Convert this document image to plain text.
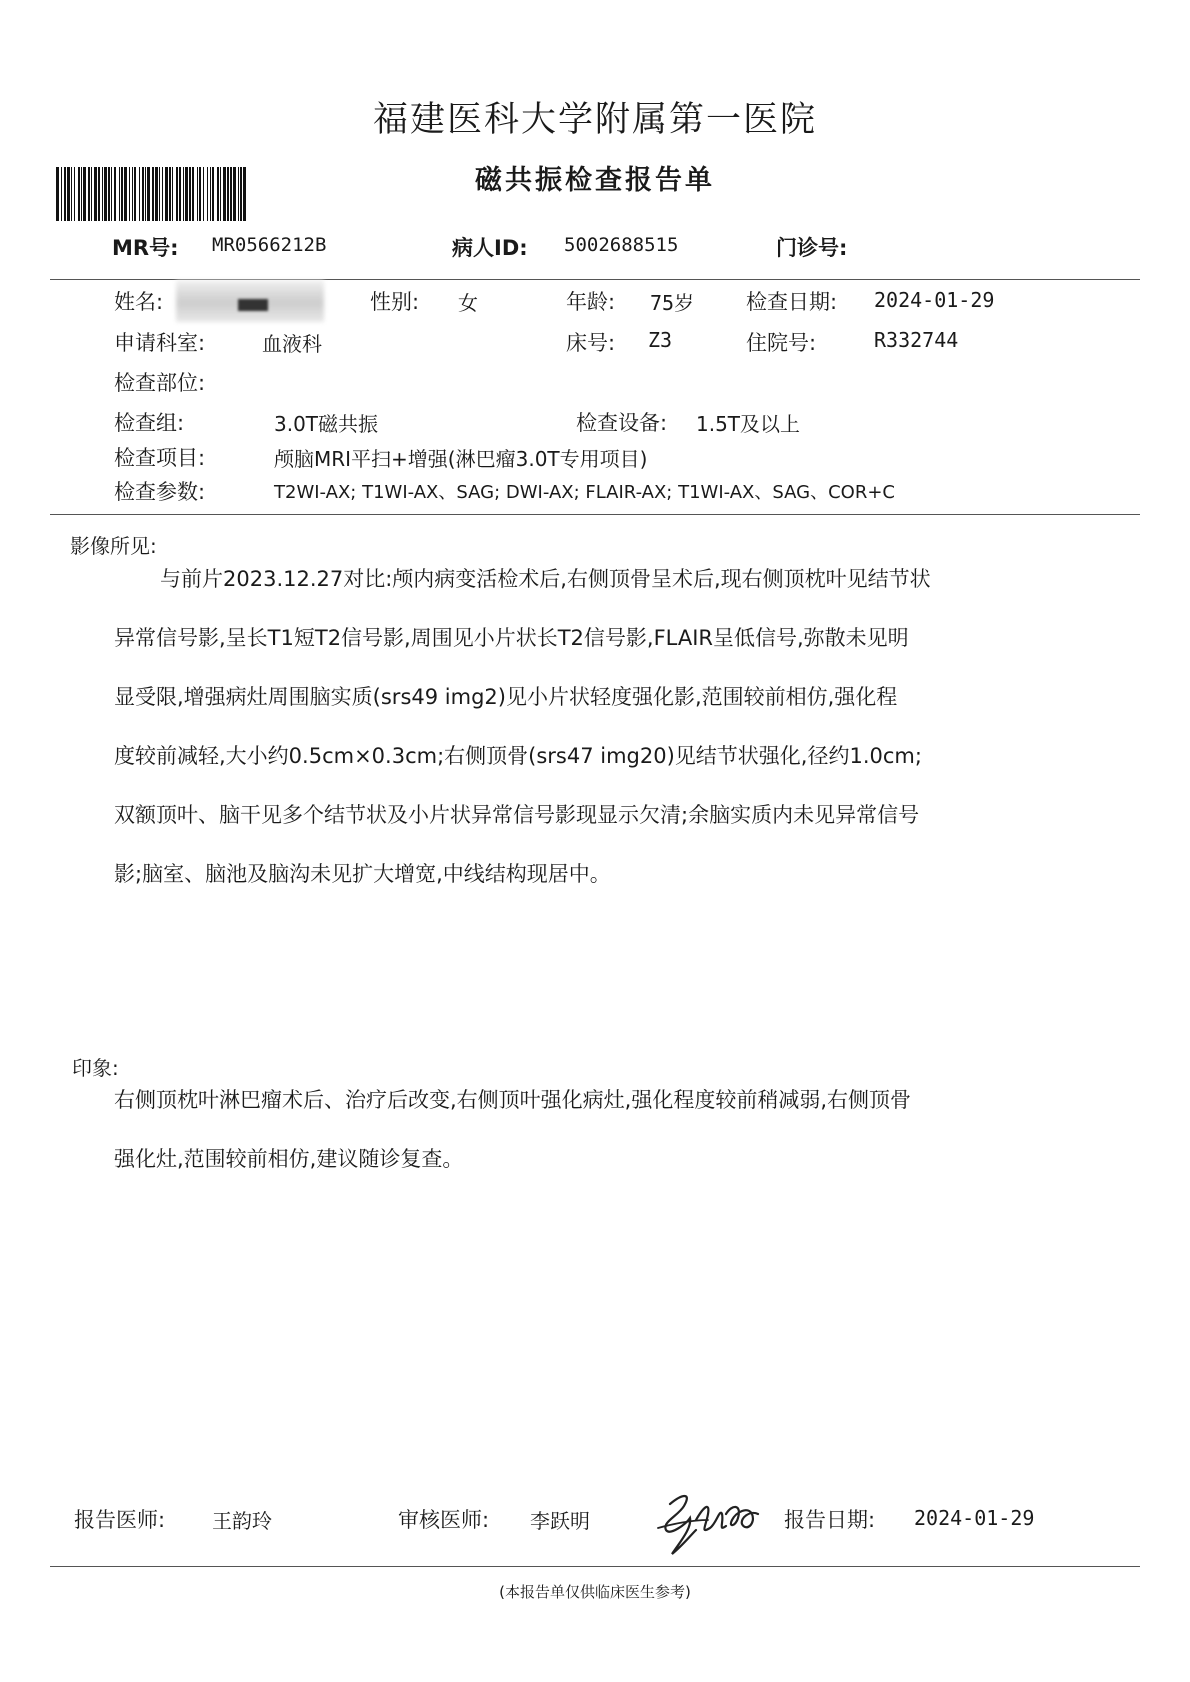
福建医科大学附属第一医院
磁共振检查报告单
MR号: MR0566212B	病人ID: 5002688515	门诊号:
姓名:	性别: 女	年龄: 75岁 检查日期: 2024-01-29
申请科室:	血液科	床号: Z3	住院号:	R332744
检查部位:
检查组:	3.0T磁共振	检查设备: 1.5T及以上
检查项目:	颅脑MRI平扫+增强(淋巴瘤3.0T专用项目)
检查参数:	T2WI-AX; T1WI-AX、SAG; DWI-AX; FLAIR-AX; T1WI-AX、SAG、COR+C
影像所见:
与前片2023.12.27对比:颅内病变活检术后,右侧顶骨呈术后,现右侧顶枕叶见结节状
异常信号影,呈长T1短T2信号影,周围见小片状长T2信号影,FLAIR呈低信号,弥散未见明
显受限,增强病灶周围脑实质(srs49 img2)见小片状轻度强化影,范围较前相仿,强化程
度较前减轻,大小约0.5cm×0.3cm;右侧顶骨(srs47 img20)见结节状强化,径约1.0cm;
双额顶叶、脑干见多个结节状及小片状异常信号影现显示欠清;余脑实质内未见异常信号
影;脑室、脑池及脑沟未见扩大增宽,中线结构现居中。
印象:
右侧顶枕叶淋巴瘤术后、治疗后改变,右侧顶叶强化病灶,强化程度较前稍减弱,右侧顶骨
强化灶,范围较前相仿,建议随诊复查。
报告医师: 王韵玲	审核医师: 李跃明	报告日期: 2024-01-29
(本报告单仅供临床医生参考)
